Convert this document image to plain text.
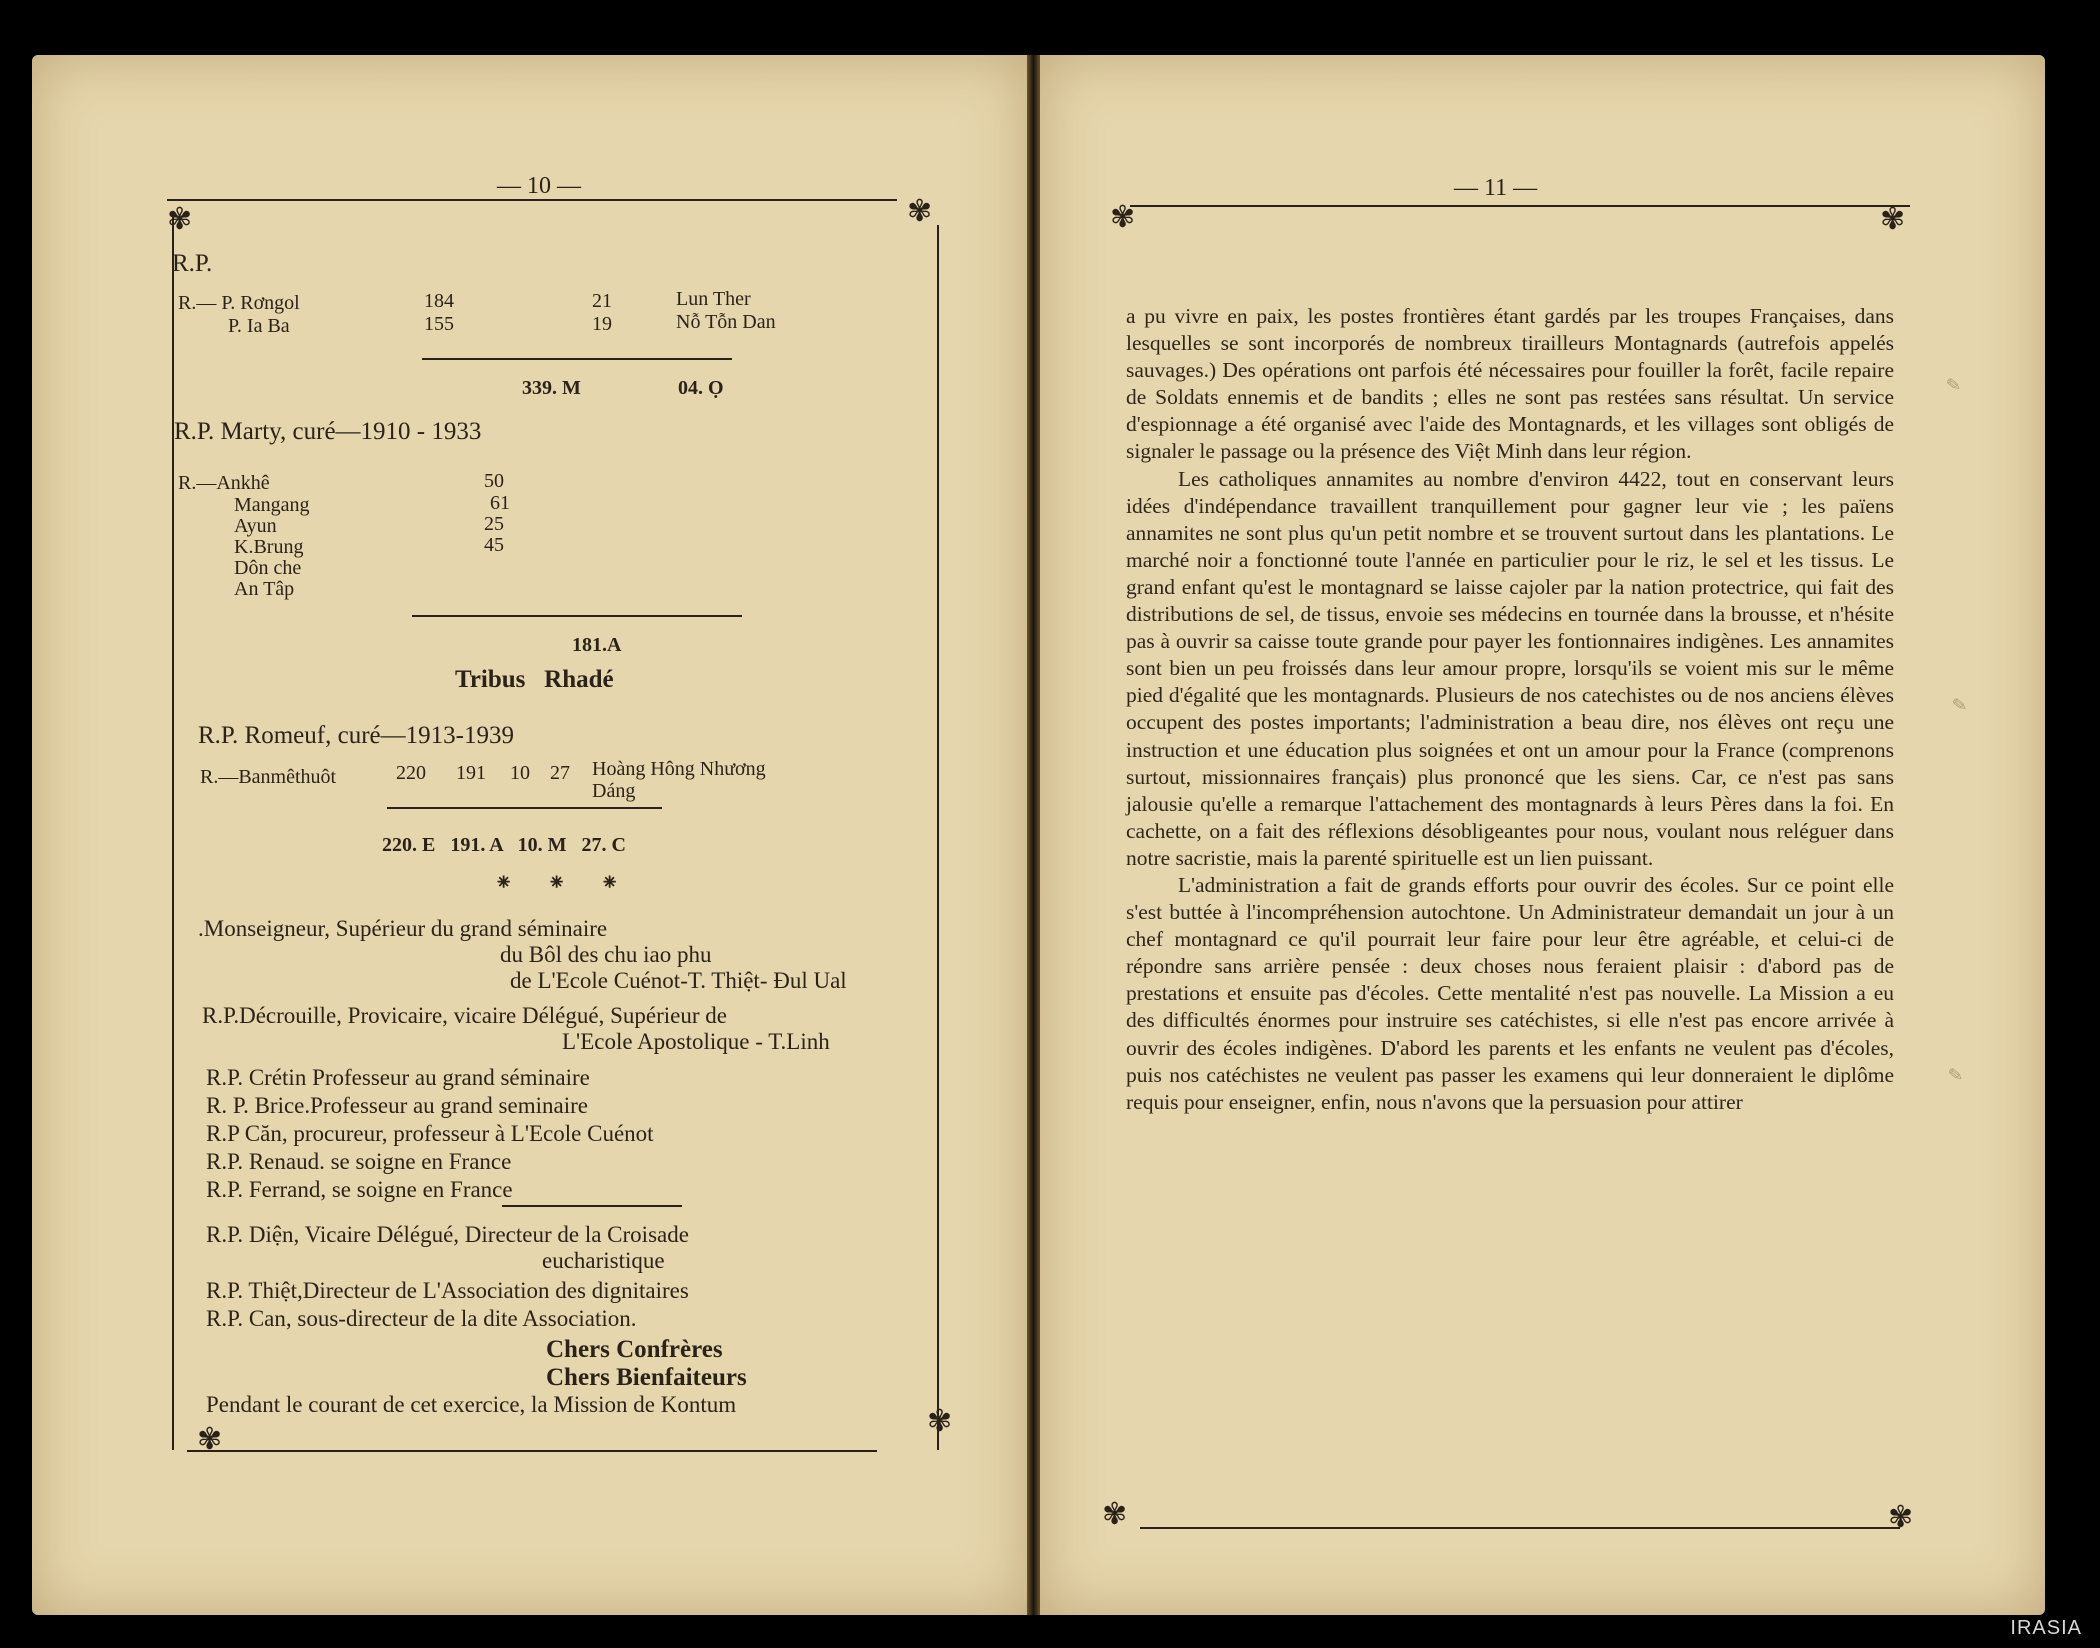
— 10 —
✾	✾
✾
✾
R.P.
R.— P. Rơngol	184	21	Lun Ther
P. Ia Ba	155	19	Nỗ Tỗn Dan
339. M	04. Ọ
R.P. Marty, curé—1910 - 1933
R.—Ankhê	50
Mangang	61
Ayun	25
K.Brung	45
Dôn che
An Tâp
181.A
Tribus   Rhadé
R.P. Romeuf, curé—1913-1939
R.—Banmêthuôt	220 191 10 27 Hoàng Hông Nhương
Dáng
220. E   191. A   10. M   27. C
⁕ ⁕ ⁕
.Monseigneur, Supérieur du grand séminaire
du Bôl des chu iao phu
de L'Ecole Cuénot-T. Thiệt- Đul Ual
R.P.Décrouille, Provicaire, vicaire Délégué, Supérieur de
L'Ecole Apostolique - T.Linh
R.P. Crétin Professeur au grand séminaire
R. P. Brice.Professeur au grand seminaire
R.P Căn, procureur, professeur à L'Ecole Cuénot
R.P. Renaud. se soigne en France
R.P. Ferrand, se soigne en France
R.P. Diện, Vicaire Délégué, Directeur de la Croisade
eucharistique
R.P. Thiệt,Directeur de L'Association des dignitaires
R.P. Can, sous-directeur de la dite Association.
Chers Confrères
Chers Bienfaiteurs
Pendant le courant de cet exercice, la Mission de Kontum
— 11 —
✾	✾
✾	✾

a pu vivre en paix, les postes frontières étant gardés par les troupes Françaises, dans lesquelles se sont incorporés de nombreux tirailleurs Montagnards (autrefois appelés sauvages.) Des opérations ont parfois été nécessaires pour fouiller la forêt, facile repaire de Soldats ennemis et de bandits ; elles ne sont pas restées sans résultat. Un service d'espionnage a été organisé avec l'aide des Montagnards, et les villages sont obligés de signaler le passage ou la présence des Việt Minh dans leur région.

Les catholiques annamites au nombre d'environ 4422, tout en conservant leurs idées d'indépendance travaillent tranquillement pour gagner leur vie ; les païens annamites ne sont plus qu'un petit nombre et se trouvent surtout dans les plantations. Le marché noir a fonctionné toute l'année en particulier pour le riz, le sel et les tissus. Le grand enfant qu'est le montagnard se laisse cajoler par la nation protectrice, qui fait des distributions de sel, de tissus, envoie ses médecins en tournée dans la brousse, et n'hésite pas à ouvrir sa caisse toute grande pour payer les fontionnaires indigènes. Les annamites sont bien un peu froissés dans leur amour propre, lorsqu'ils se voient mis sur le même pied d'égalité que les montagnards. Plusieurs de nos catechistes ou de nos anciens élèves occupent des postes importants; l'administration a beau dire, nos élèves ont reçu une instruction et une éducation plus soignées et ont un amour pour la France (comprenons surtout, missionnaires français) plus prononcé que les siens. Car, ce n'est pas sans jalousie qu'elle a remarque l'attachement des montagnards à leurs Pères dans la foi. En cachette, on a fait des réflexions désobligeantes pour nous, voulant nous reléguer dans notre sacristie, mais la parenté spirituelle est un lien puissant.

L'administration a fait de grands efforts pour ouvrir des écoles. Sur ce point elle s'est buttée à l'incompréhension autochtone. Un Administrateur demandait un jour à un chef montagnard ce qu'il pourrait leur faire pour leur être agréable, et celui-ci de répondre sans arrière pensée : deux choses nous feraient plaisir : d'abord pas de prestations et ensuite pas d'écoles. Cette mentalité n'est pas nouvelle. La Mission a eu des difficultés énormes pour instruire ses catéchistes, si elle n'est pas encore arrivée à ouvrir des écoles indigènes. D'abord les parents et les enfants ne veulent pas d'écoles, puis nos catéchistes ne veulent pas passer les examens qui leur donneraient le diplôme requis pour enseigner, enfin, nous n'avons que la persuasion pour attirer

✎
✎
✎
IRASIA
